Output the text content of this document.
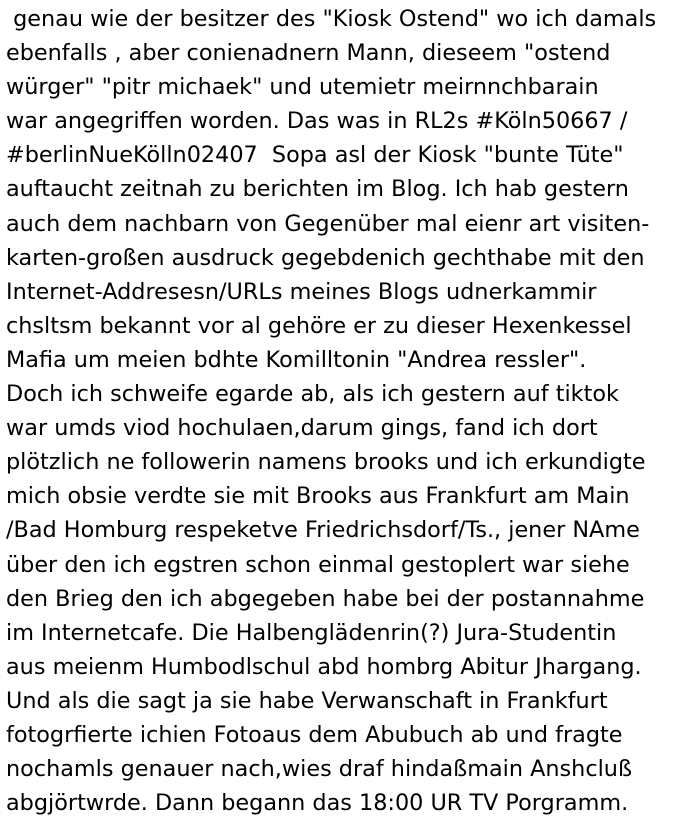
genau wie der besitzer des "Kiosk Ostend" wo ich damals
ebenfalls , aber conienadnern Mann, dieseem "ostend
würger" "pitr michaek" und utemietr meirnnchbarain
war angegriffen worden. Das was in RL2s #Köln50667 /
#berlinNueKölln02407  Sopa asl der Kiosk "bunte Tüte"
auftaucht zeitnah zu berichten im Blog. Ich hab gestern
auch dem nachbarn von Gegenüber mal eienr art visiten-
karten-großen ausdruck gegebdenich gechthabe mit den
Internet-Addresesn/URLs meines Blogs udnerkammir
chsltsm bekannt vor al gehöre er zu dieser Hexenkessel
Mafia um meien bdhte Komilltonin "Andrea ressler".
Doch ich schweife egarde ab, als ich gestern auf tiktok
war umds viod hochulaen,darum gings, fand ich dort
plötzlich ne followerin namens brooks und ich erkundigte
mich obsie verdte sie mit Brooks aus Frankfurt am Main
/Bad Homburg respeketve Friedrichsdorf/Ts., jener NAme
über den ich egstren schon einmal gestoplert war siehe
den Brieg den ich abgegeben habe bei der postannahme
im Internetcafe. Die Halbenglädenrin(?) Jura-Studentin
aus meienm Humbodlschul abd hombrg Abitur Jhargang.
Und als die sagt ja sie habe Verwanschaft in Frankfurt
fotogrfierte ichien Fotoaus dem Abubuch ab und fragte
nochamls genauer nach,wies draf hindaßmain Anshcluß
abgjörtwrde. Dann begann das 18:00 UR TV Porgramm.
